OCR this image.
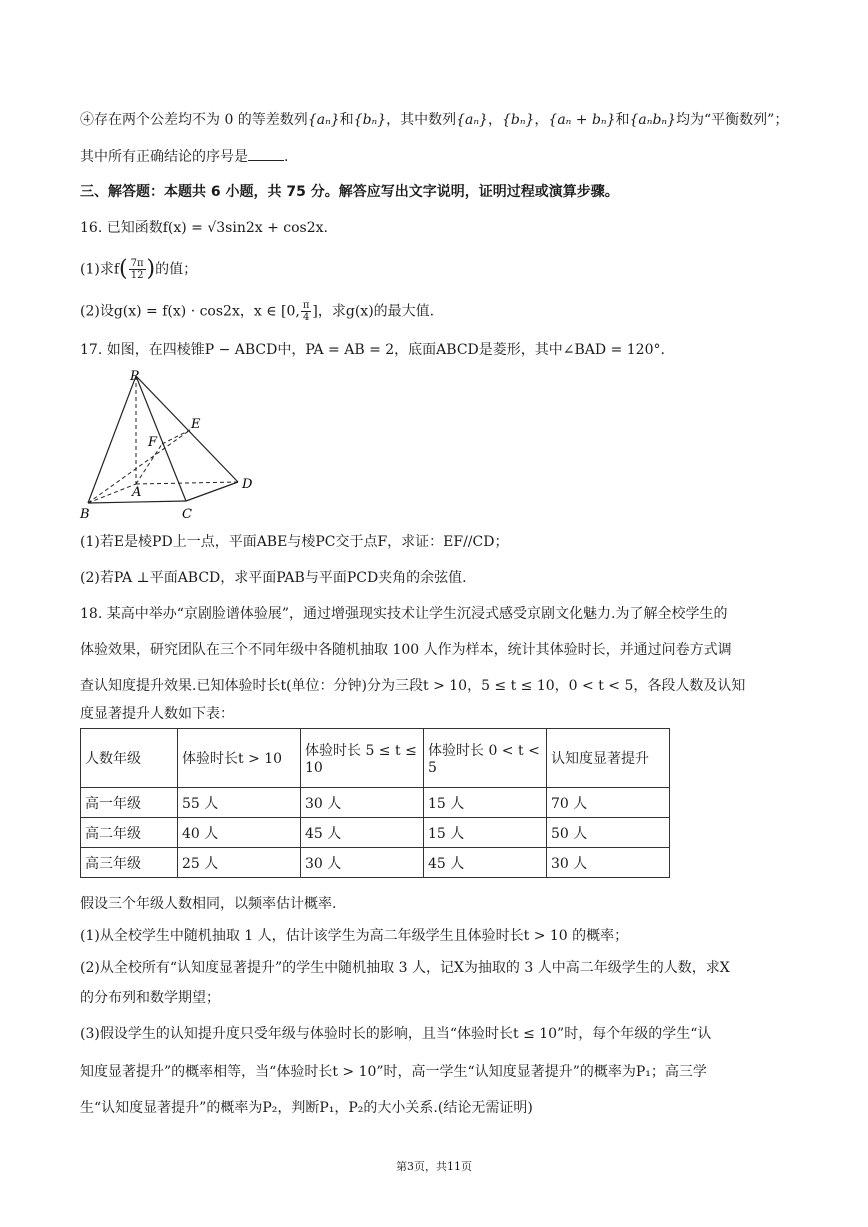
④存在两个公差均不为 0 的等差数列{aₙ}和{bₙ}，其中数列{aₙ}，{bₙ}，{aₙ + bₙ}和{aₙbₙ}均为“平衡数列”；
其中所有正确结论的序号是	.
三、解答题：本题共 6 小题，共 75 分。解答应写出文字说明，证明过程或演算步骤。
16. 已知函数f(x) = √3sin2x + cos2x.
(1)求$f( \frac{7\pi}{12}$ )的值；
(2)设g(x) = f(x) · cos2x，x ∈ [0, $\frac{\pi}{4}$ ]，求g(x)的最大值.
17. 如图，在四棱锥P − ABCD中，PA = AB = 2，底面ABCD是菱形，其中∠BAD = 120°.
P
E
F
A
D
B	C
(1)若E是棱PD上一点，平面ABE与棱PC交于点F，求证：EF//CD；
(2)若PA ⊥平面ABCD，求平面PAB与平面PCD夹角的余弦值.
18. 某高中举办“京剧脸谱体验展”，通过增强现实技术让学生沉浸式感受京剧文化魅力.为了解全校学生的
体验效果，研究团队在三个不同年级中各随机抽取 100 人作为样本，统计其体验时长，并通过问卷方式调
查认知度提升效果.已知体验时长t(单位：分钟)分为三段t > 10，5 ≤ t ≤ 10，0 < t < 5，各段人数及认知
度显著提升人数如下表：
人数年级	体验时长t > 10	体验时长 5 ≤ t ≤ 10	体验时长 0 < t < 5	认知度显著提升
高一年级	55 人	30 人	15 人	70 人
高二年级	40 人	45 人	15 人	50 人
高三年级	25 人	30 人	45 人	30 人
假设三个年级人数相同，以频率估计概率.
(1)从全校学生中随机抽取 1 人，估计该学生为高二年级学生且体验时长t > 10 的概率；
(2)从全校所有“认知度显著提升”的学生中随机抽取 3 人，记X为抽取的 3 人中高二年级学生的人数，求X
的分布列和数学期望；
(3)假设学生的认知提升度只受年级与体验时长的影响，且当“体验时长t ≤ 10”时，每个年级的学生“认
知度显著提升”的概率相等，当“体验时长t > 10”时，高一学生“认知度显著提升”的概率为P₁；高三学
生“认知度显著提升”的概率为P₂，判断P₁，P₂的大小关系.(结论无需证明)
第3页，共11页
